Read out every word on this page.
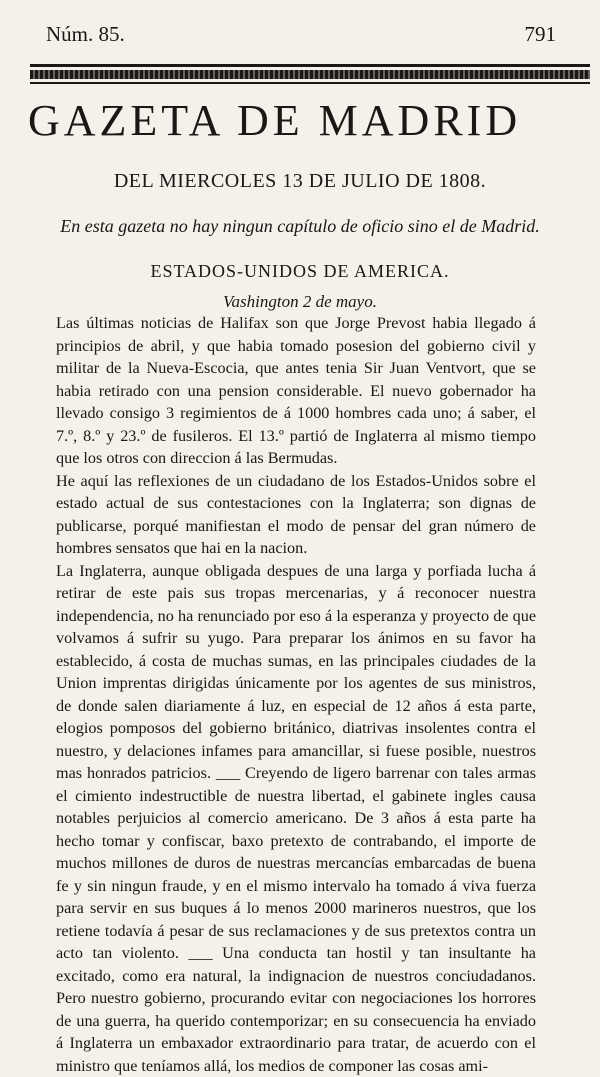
Núm. 85.	791
GAZETA DE MADRID
DEL MIERCOLES 13 DE JULIO DE 1808.
En esta gazeta no hay ningun capítulo de oficio sino el de Madrid.
ESTADOS-UNIDOS DE AMERICA.
Vashington 2 de mayo.

Las últimas noticias de Halifax son que Jorge Prevost habia llegado á principios de abril, y que habia tomado posesion del gobierno civil y militar de la Nueva-Escocia, que antes tenia Sir Juan Ventvort, que se habia retirado con una pension considerable. El nuevo gobernador ha llevado consigo 3 regimientos de á 1000 hombres cada uno; á saber, el 7.º, 8.º y 23.º de fusileros. El 13.º partió de Inglaterra al mismo tiempo que los otros con direccion á las Bermudas.

He aquí las reflexiones de un ciudadano de los Estados-Unidos sobre el estado actual de sus contestaciones con la Inglaterra; son dignas de publicarse, porqué manifiestan el modo de pensar del gran número de hombres sensatos que hai en la nacion.

La Inglaterra, aunque obligada despues de una larga y porfiada lucha á retirar de este pais sus tropas mercenarias, y á reconocer nuestra independencia, no ha renunciado por eso á la esperanza y proyecto de que volvamos á sufrir su yugo. Para preparar los ánimos en su favor ha establecido, á costa de muchas sumas, en las principales ciudades de la Union imprentas dirigidas únicamente por los agentes de sus ministros, de donde salen diariamente á luz, en especial de 12 años á esta parte, elogios pomposos del gobierno británico, diatrivas insolentes contra el nuestro, y delaciones infames para amancillar, si fuese posible, nuestros mas honrados patricios. ___ Creyendo de ligero barrenar con tales armas el cimiento indestructible de nuestra libertad, el gabinete ingles causa notables perjuicios al comercio americano. De 3 años á esta parte ha hecho tomar y confiscar, baxo pretexto de contrabando, el importe de muchos millones de duros de nuestras mercancías embarcadas de buena fe y sin ningun fraude, y en el mismo intervalo ha tomado á viva fuerza para servir en sus buques á lo menos 2000 marineros nuestros, que los retiene todavía á pesar de sus reclamaciones y de sus pretextos contra un acto tan violento. ___ Una conducta tan hostil y tan insultante ha excitado, como era natural, la indignacion de nuestros conciudadanos. Pero nuestro gobierno, procurando evitar con negociaciones los horrores de una guerra, ha querido contemporizar; en su consecuencia ha enviado á Inglaterra un embaxador extraordinario para tratar, de acuerdo con el ministro que teníamos allá, los medios de componer las cosas ami-
